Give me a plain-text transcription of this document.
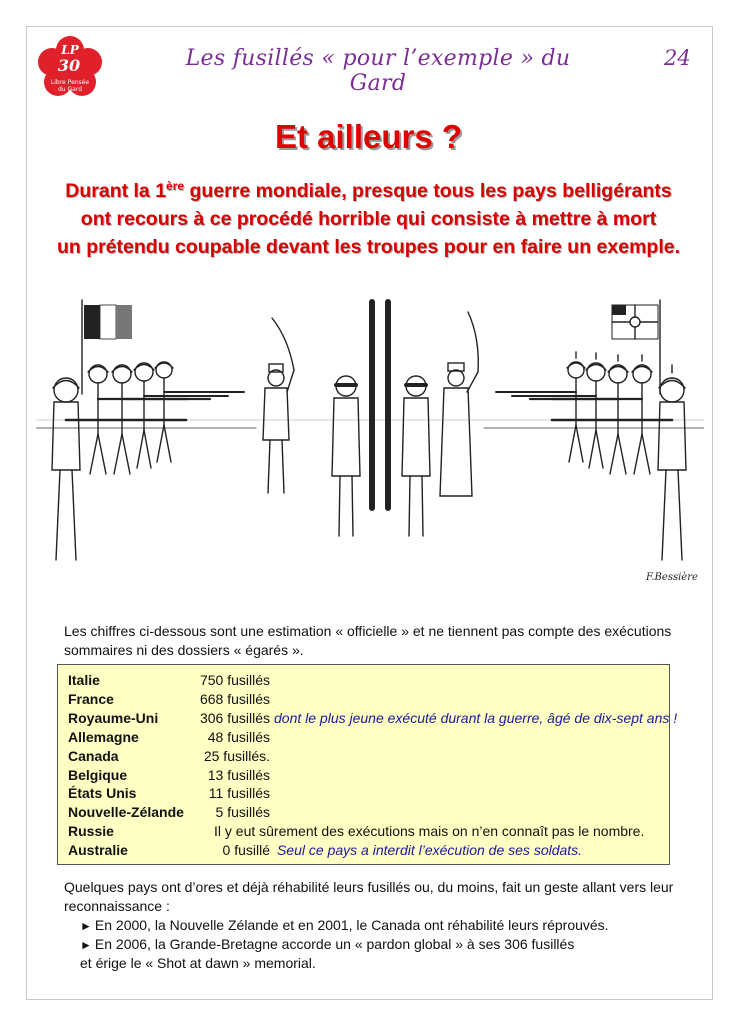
LP
30
Libre Pensée
du Gard
Les fusillés « pour l’exemple » du Gard
24
Et ailleurs ?
Durant la 1ère guerre mondiale, presque tous les pays belligérants
ont recours à ce procédé horrible qui consiste à mettre à mort
un prétendu coupable devant les troupes pour en faire un exemple.
F.Bessière
Les chiffres ci-dessous sont une estimation « officielle » et ne tiennent pas compte des exécutions
sommaires ni des dossiers « égarés ».
Italie	750 fusillés
France	668 fusillés
Royaume-Uni	306 fusillés dont le plus jeune exécuté durant la guerre, âgé de dix-sept ans !
Allemagne	48 fusillés
Canada	25 fusillés.
Belgique	13 fusillés
États Unis	11 fusillés
Nouvelle-Zélande	5 fusillés
Russie	Il y eut sûrement des exécutions mais on n’en connaît pas le nombre.
Australie	0 fusillé Seul ce pays a interdit l’exécution de ses soldats.
Quelques pays ont d’ores et déjà réhabilité leurs fusillés ou, du moins, fait un geste allant vers leur
reconnaissance :
► En 2000, la Nouvelle Zélande et en 2001, le Canada ont réhabilité leurs réprouvés.
► En 2006, la Grande-Bretagne accorde un « pardon global » à ses 306 fusillés
et érige le « Shot at dawn » memorial.
